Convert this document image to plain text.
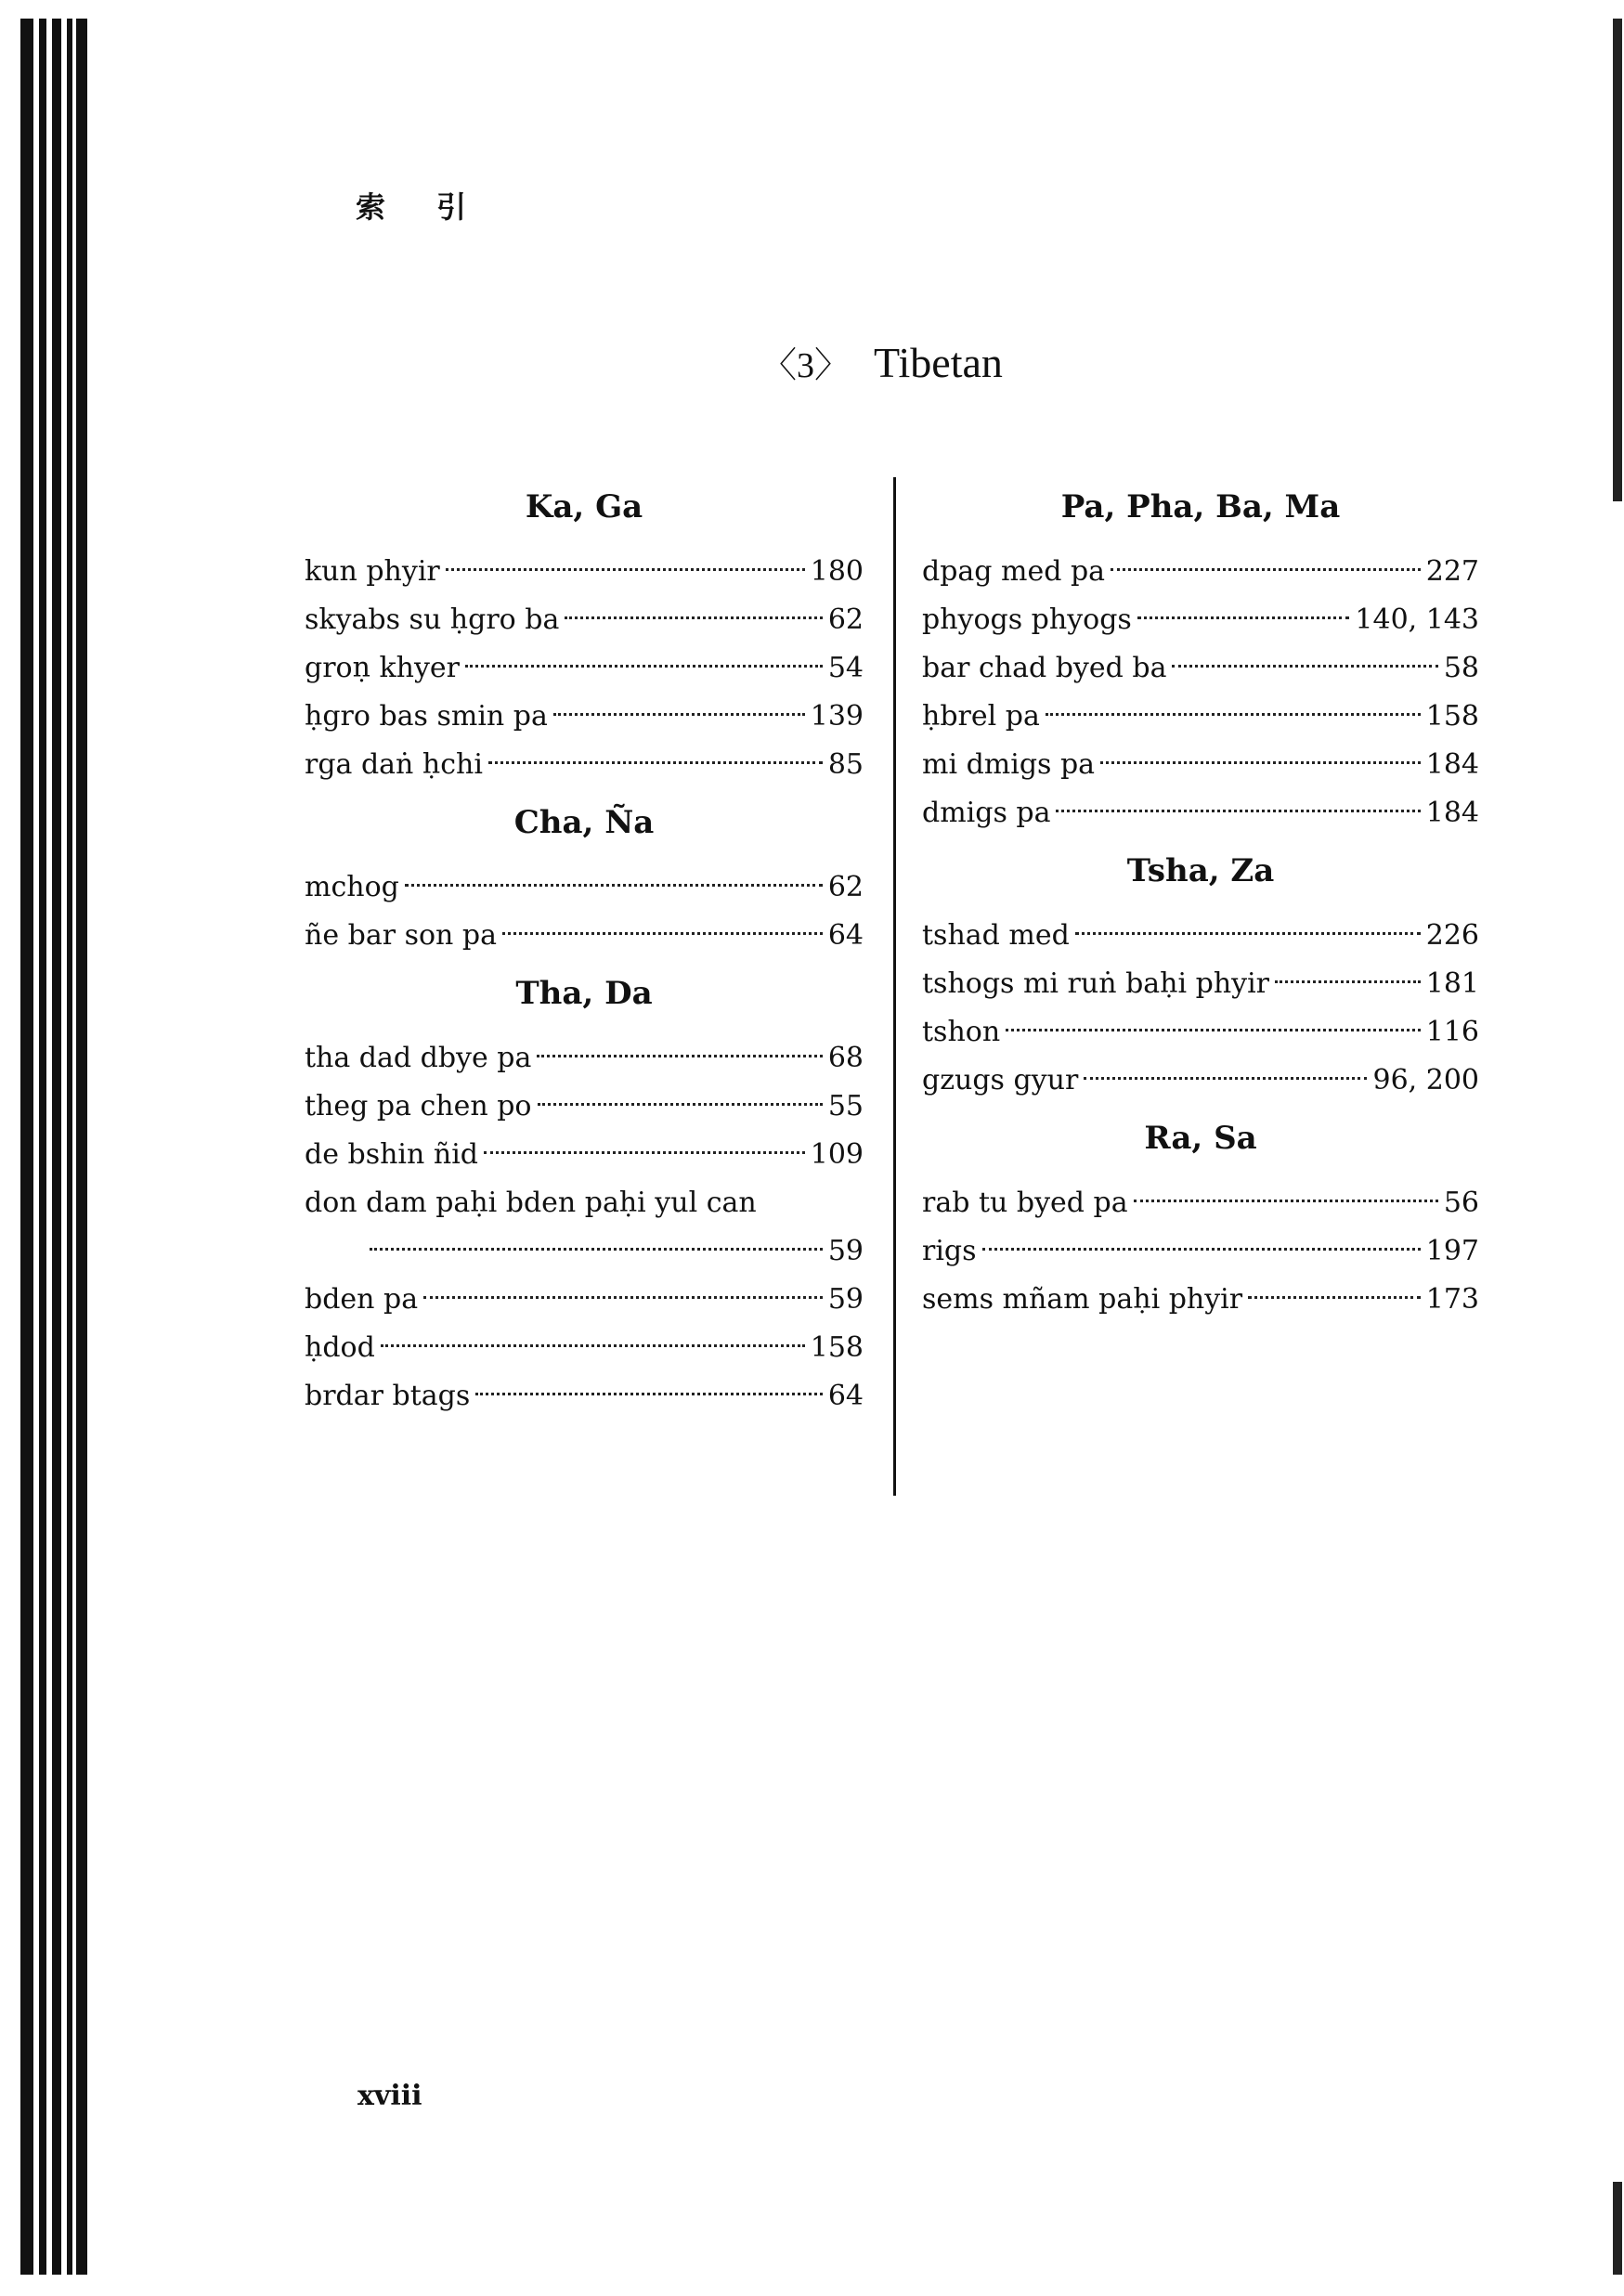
索 引
〈3〉 Tibetan
Ka, Ga
kun phyir	180
skyabs su ḥgro ba	62
groṇ khyer	54
ḥgro bas smin pa	139
rga daṅ ḥchi	85
Cha, Ña
mchog	62
ñe bar son pa	64
Tha, Da
tha dad dbye pa	68
theg pa chen po	55
de bshin ñid	109
don dam paḥi bden paḥi yul can
59
bden pa	59
ḥdod	158
brdar btags	64
Pa, Pha, Ba, Ma
dpag med pa	227
phyogs phyogs	140, 143
bar chad byed ba	58
ḥbrel pa	158
mi dmigs pa	184
dmigs pa	184
Tsha, Za
tshad med	226
tshogs mi ruṅ baḥi phyir	181
tshon	116
gzugs gyur	96, 200
Ra, Sa
rab tu byed pa	56
rigs	197
sems mñam paḥi phyir	173
xviii
